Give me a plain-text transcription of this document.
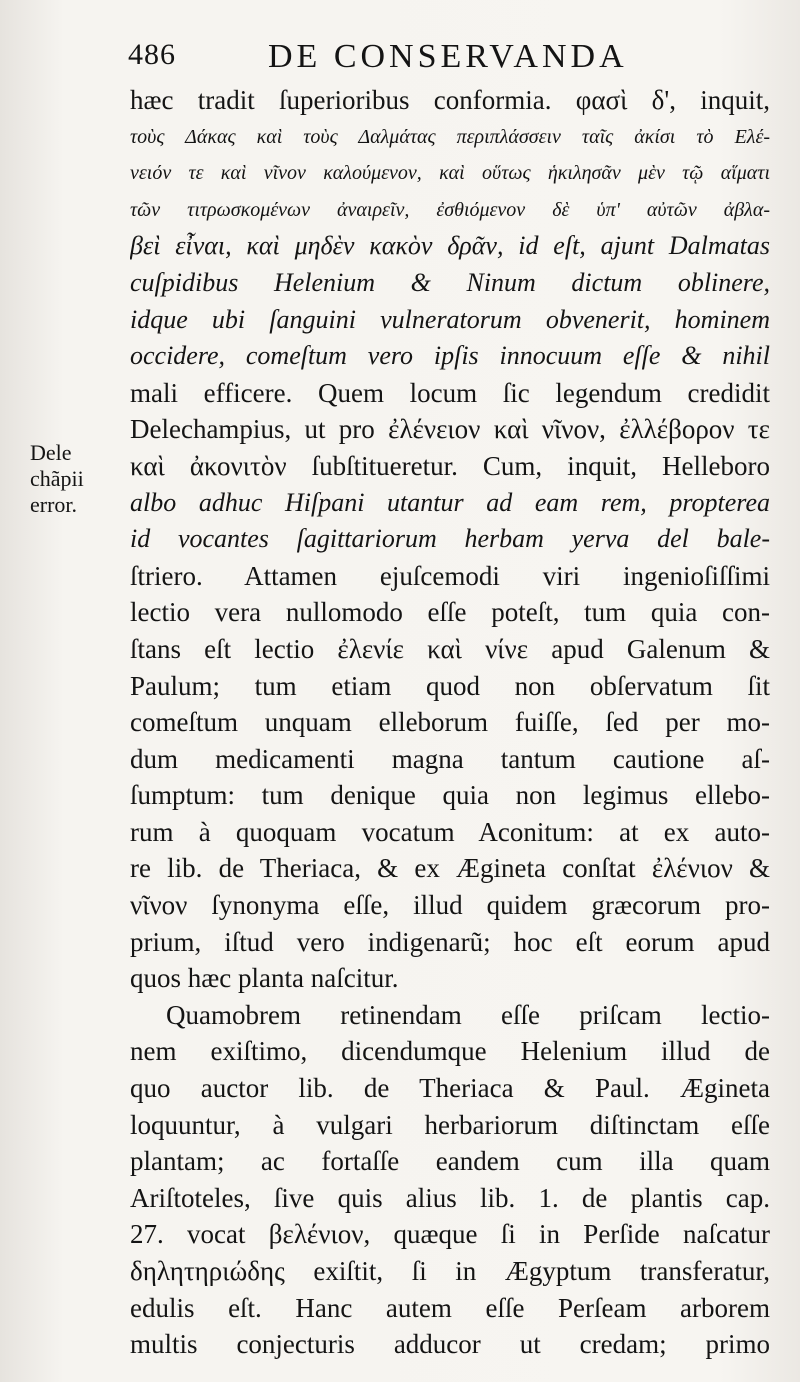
486	DE CONSERVANDA
Dele
chãpii
error.
hæc tradit ſuperioribus conformia. φασὶ δ', inquit,
τοὺς Δάκας καὶ τοὺς Δαλμάτας περιπλάσσειν ταῖς ἀκίσι τὸ Ελέ-
νειόν τε καὶ νῖνον καλούμενον, καὶ οὕτως ἡκιλησᾶν μὲν τῷ αἵματι
τῶν τιτρωσκομένων ἀναιρεῖν, ἐσθιόμενον δὲ ὑπ' αὐτῶν ἀβλα-
βεὶ εἶναι, καὶ μηδὲν κακὸν δρᾶν, id eſt, ajunt Dalmatas
cuſpidibus Helenium & Ninum dictum oblinere,
idque ubi ſanguini vulneratorum obvenerit, hominem
occidere, comeſtum vero ipſis innocuum eſſe & nihil
mali efficere. Quem locum ſic legendum credidit
Delechampius, ut pro ἐλένειον καὶ νῖνον, ἐλλέβορον τε
καὶ ἀκονιτὸν ſubſtitueretur. Cum, inquit, Helleboro
albo adhuc Hiſpani utantur ad eam rem, propterea
id vocantes ſagittariorum herbam yerva del bale-
ſtriero. Attamen ejuſcemodi viri ingenioſiſſimi
lectio vera nullomodo eſſe poteſt, tum quia con-
ſtans eſt lectio ἐλενίε καὶ νίνε apud Galenum &
Paulum; tum etiam quod non obſervatum ſit
comeſtum unquam elleborum fuiſſe, ſed per mo-
dum medicamenti magna tantum cautione aſ-
ſumptum: tum denique quia non legimus ellebo-
rum à quoquam vocatum Aconitum: at ex auto-
re lib. de Theriaca, & ex Ægineta conſtat ἐλένιον &
νῖνον ſynonyma eſſe, illud quidem græcorum pro-
prium, iſtud vero indigenarũ; hoc eſt eorum apud
quos hæc planta naſcitur.
Quamobrem retinendam eſſe priſcam lectio-
nem exiſtimo, dicendumque Helenium illud de
quo auctor lib. de Theriaca & Paul. Ægineta
loquuntur, à vulgari herbariorum diſtinctam eſſe
plantam; ac fortaſſe eandem cum illa quam
Ariſtoteles, ſive quis alius lib. 1. de plantis cap.
27. vocat βελένιον, quæque ſi in Perſide naſcatur
δηλητηριώδης exiſtit, ſi in Ægyptum transferatur,
edulis eſt. Hanc autem eſſe Perſeam arborem
multis conjecturis adducor ut credam; primo
